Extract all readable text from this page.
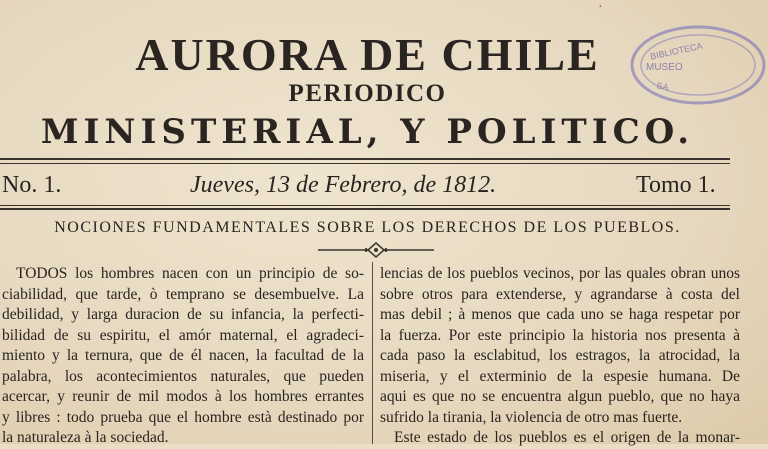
·
AURORA DE CHILE
PERIODICO
MINISTERIAL, Y POLITICO.
BIBLIOTECA
MUSEO
SA
No. 1.	Jueves, 13 de Febrero, de 1812.	Tomo 1.
NOCIONES FUNDAMENTALES SOBRE LOS DERECHOS DE LOS PUEBLOS.
TODOS los hombres nacen con un principio de so-
ciabilidad, que tarde, ò temprano se desembuelve. La
debilidad, y larga duracion de su infancia, la perfecti-
bilidad de su espiritu, el amór maternal, el agradeci-
miento y la ternura, que de él nacen, la facultad de la
palabra, los acontecimientos naturales, que pueden
acercar, y reunir de mil modos à los hombres errantes
y libres : todo prueba que el hombre està destinado por
la naturaleza à la sociedad.
lencias de los pueblos vecinos, por las quales obran unos
sobre otros para extenderse, y agrandarse à costa del
mas debil ; à menos que cada uno se haga respetar por
la fuerza. Por este principio la historia nos presenta à
cada paso la esclabitud, los estragos, la atrocidad, la
miseria, y el exterminio de la espesie humana. De
aqui es que no se encuentra algun pueblo, que no haya
sufrido la tirania, la violencia de otro mas fuerte.
Este estado de los pueblos es el origen de la monar-
